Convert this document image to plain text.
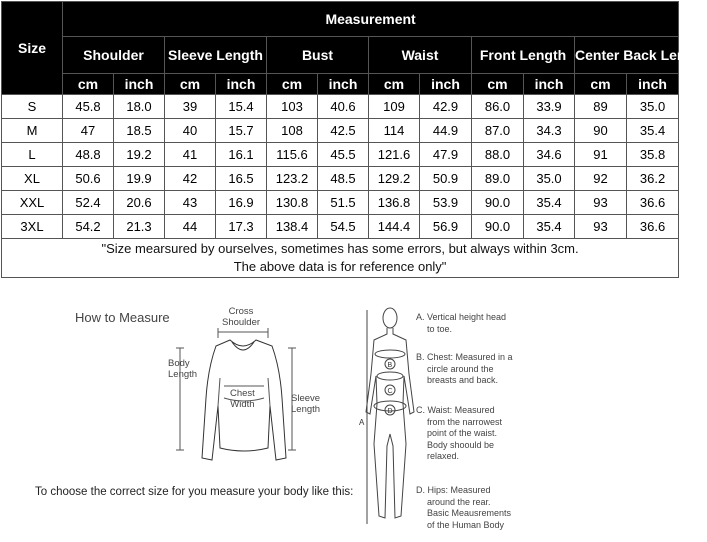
Size	Measurement											
	Shoulder		Sleeve Length		Bust		Waist		Front Length		Center Back Length	
	cm	inch	cm	inch	cm	inch	cm	inch	cm	inch	cm	inch
S	45.8	18.0	39	15.4	103	40.6	109	42.9	86.0	33.9	89	35.0
M	47	18.5	40	15.7	108	42.5	114	44.9	87.0	34.3	90	35.4
L	48.8	19.2	41	16.1	115.6	45.5	121.6	47.9	88.0	34.6	91	35.8
XL	50.6	19.9	42	16.5	123.2	48.5	129.2	50.9	89.0	35.0	92	36.2
XXL	52.4	20.6	43	16.9	130.8	51.5	136.8	53.9	90.0	35.4	93	36.6
3XL	54.2	21.3	44	17.3	138.4	54.5	144.4	56.9	90.0	35.4	93	36.6

"Size mearsured by ourselves, sometimes has some errors, but always within 3cm.
The above data is for reference only"												
How to Measure	Cross
Shoulder
Body
Length
Chest
Width
Sleeve
Length
To choose the correct size for you measure your body like this:
A
B
C
D
A. Vertical height head
to toe.
B. Chest: Measured in a
circle around the
breasts and back.
C. Waist: Measured
from the narrowest
point of the waist.
Body shoould be
relaxed.
D. Hips: Measured
around the rear.
Basic Meausrements
of the Human Body
